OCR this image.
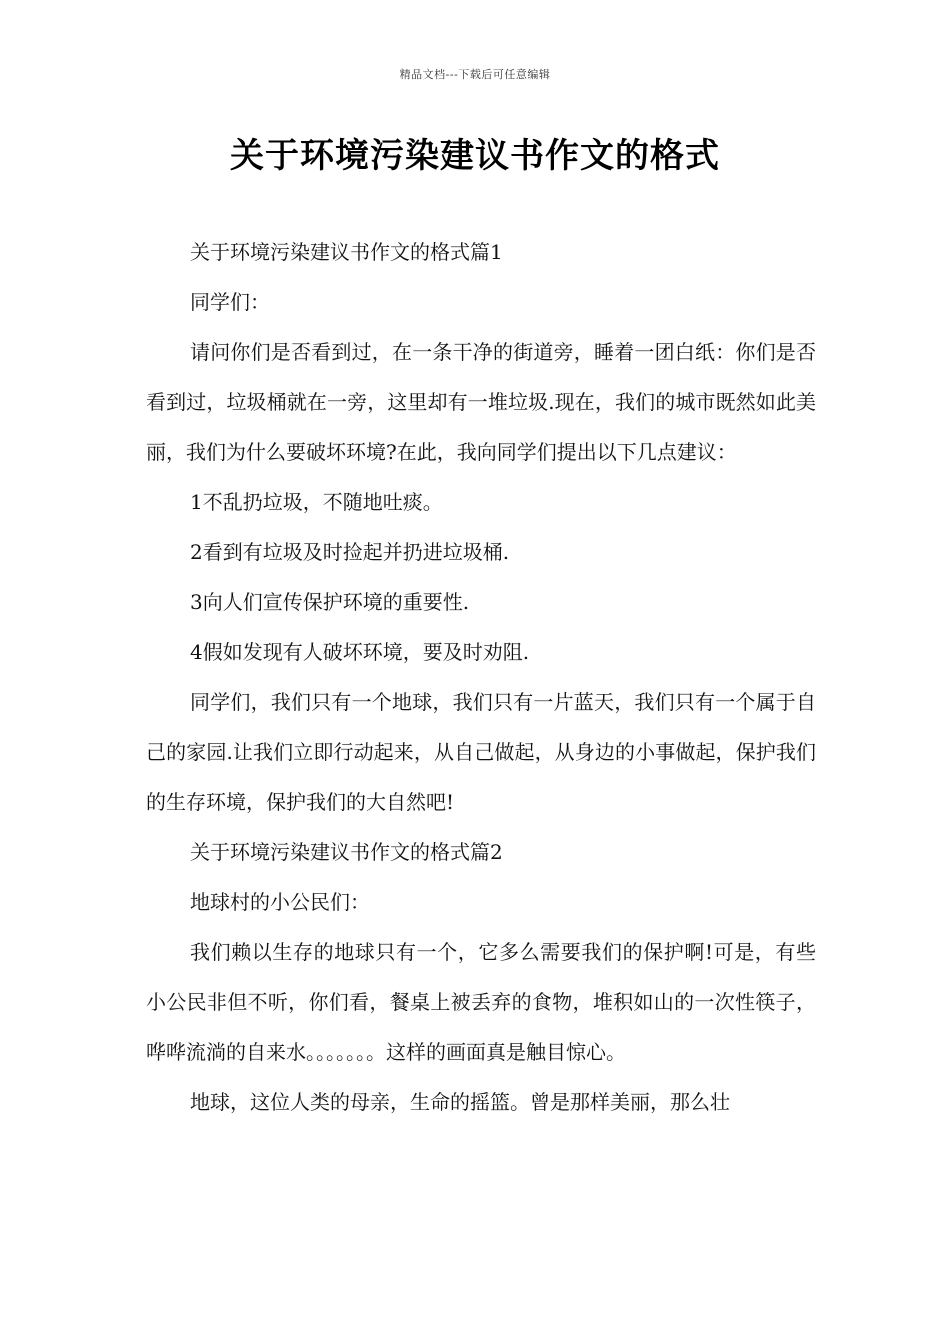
精品文档---下载后可任意编辑
关于环境污染建议书作文的格式

关于环境污染建议书作文的格式篇1

同学们：

请问你们是否看到过，在一条干净的街道旁，睡着一团白纸：你们是否看到过，垃圾桶就在一旁，这里却有一堆垃圾.现在，我们的城市既然如此美丽，我们为什么要破坏环境?在此，我向同学们提出以下几点建议：

1不乱扔垃圾，不随地吐痰。

2看到有垃圾及时捡起并扔进垃圾桶.

3向人们宣传保护环境的重要性.

4假如发现有人破坏环境，要及时劝阻.

同学们，我们只有一个地球，我们只有一片蓝天，我们只有一个属于自己的家园.让我们立即行动起来，从自己做起，从身边的小事做起，保护我们的生存环境，保护我们的大自然吧!

关于环境污染建议书作文的格式篇2

地球村的小公民们：

我们赖以生存的地球只有一个，它多么需要我们的保护啊!可是，有些小公民非但不听，你们看，餐桌上被丢弃的食物，堆积如山的一次性筷子，哗哗流淌的自来水。。。。。。。这样的画面真是触目惊心。

地球，这位人类的母亲，生命的摇篮。曾是那样美丽，那么壮
